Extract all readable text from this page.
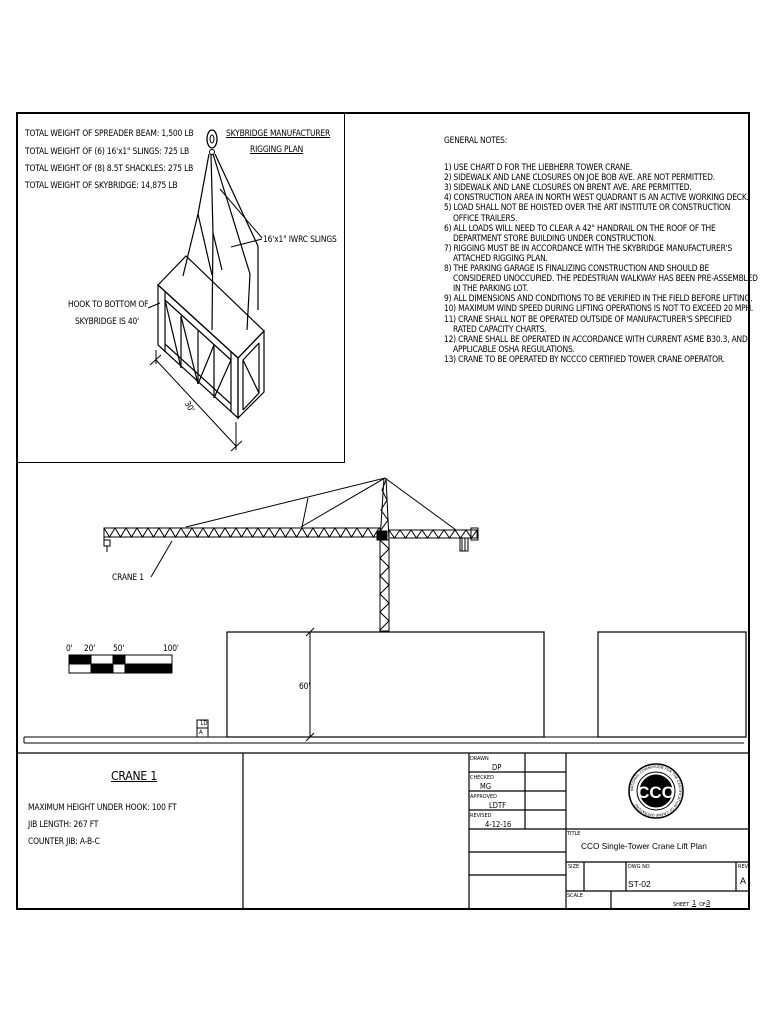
TOTAL WEIGHT OF SPREADER BEAM: 1,500 LB
TOTAL WEIGHT OF (6) 16'x1" SLINGS: 725 LB
TOTAL WEIGHT OF (8) 8.5T SHACKLES: 275 LB
TOTAL WEIGHT OF SKYBRIDGE: 14,875 LB
SKYBRIDGE MANUFACTURER
RIGGING PLAN
16'x1" IWRC SLINGS
HOOK TO BOTTOM OF
SKYBRIDGE IS 40'
30'
GENERAL NOTES:
1) USE CHART D FOR THE LIEBHERR TOWER CRANE.
2) SIDEWALK AND LANE CLOSURES ON JOE BOB AVE. ARE NOT PERMITTED.
3) SIDEWALK AND LANE CLOSURES ON BRENT AVE. ARE PERMITTED.
4) CONSTRUCTION AREA IN NORTH WEST QUADRANT IS AN ACTIVE WORKING DECK.
5) LOAD SHALL NOT BE HOISTED OVER THE ART INSTITUTE OR CONSTRUCTION
OFFICE TRAILERS.
6) ALL LOADS WILL NEED TO CLEAR A 42" HANDRAIL ON THE ROOF OF THE
DEPARTMENT STORE BUILDING UNDER CONSTRUCTION.
7) RIGGING MUST BE IN ACCORDANCE WITH THE SKYBRIDGE MANUFACTURER'S
ATTACHED RIGGING PLAN.
8) THE PARKING GARAGE IS FINALIZING CONSTRUCTION AND SHOULD BE
CONSIDERED UNOCCUPIED. THE PEDESTRIAN WALKWAY HAS BEEN PRE-ASSEMBLED
IN THE PARKING LOT.
9) ALL DIMENSIONS AND CONDITIONS TO BE VERIFIED IN THE FIELD BEFORE LIFTING.
10) MAXIMUM WIND SPEED DURING LIFTING OPERATIONS IS NOT TO EXCEED 20 MPH.
11) CRANE SHALL NOT BE OPERATED OUTSIDE OF MANUFACTURER'S SPECIFIED
RATED CAPACITY CHARTS.
12) CRANE SHALL BE OPERATED IN ACCORDANCE WITH CURRENT ASME B30.3, AND
APPLICABLE OSHA REGULATIONS.
13) CRANE TO BE OPERATED BY NCCCO CERTIFIED TOWER CRANE OPERATOR.
CCO
NATIONAL COMMISSION FOR THE CERTIFICATION OF CRANE OPERATORS
CRANE 1
0' 20' 50'	100'
60'
1D
A
CRANE 1
MAXIMUM HEIGHT UNDER HOOK: 100 FT
JIB LENGTH: 267 FT
COUNTER JIB: A-B-C
DRAWN
DP
CHECKED
MG
APPROVED
LDTF
REVISED
4-12-16
TITLE
CCO Single-Tower Crane Lift Plan
SIZE	DWG NO
ST-02
REV
A
SCALE
SHEET 1 OF 3
